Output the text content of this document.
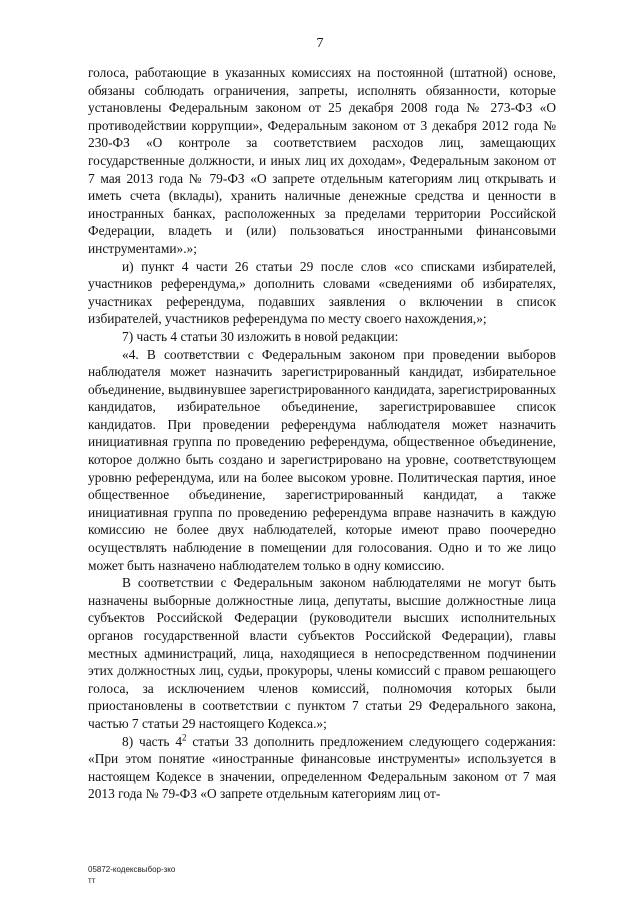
7

голоса, работающие в указанных комиссиях на постоянной (штатной) основе, обязаны соблюдать ограничения, запреты, исполнять обязанности, которые установлены Федеральным законом от 25 декабря 2008 года № 273-ФЗ «О противодействии коррупции», Федеральным законом от 3 декабря 2012 года № 230-ФЗ «О контроле за соответствием расходов лиц, замещающих государственные должности, и иных лиц их доходам», Федеральным законом от 7 мая 2013 года № 79-ФЗ «О запрете отдельным категориям лиц открывать и иметь счета (вклады), хранить наличные денежные средства и ценности в иностранных банках, расположенных за пределами территории Российской Федерации, владеть и (или) пользоваться иностранными финансовыми инструментами».»;

и) пункт 4 части 26 статьи 29 после слов «со списками избирателей, участников референдума,» дополнить словами «сведениями об избирателях, участниках референдума, подавших заявления о включении в список избирателей, участников референдума по месту своего нахождения,»;

7) часть 4 статьи 30 изложить в новой редакции:

«4. В соответствии с Федеральным законом при проведении выборов наблюдателя может назначить зарегистрированный кандидат, избирательное объединение, выдвинувшее зарегистрированного кандидата, зарегистрированных кандидатов, избирательное объединение, зарегистрировавшее список кандидатов. При проведении референдума наблюдателя может назначить инициативная группа по проведению референдума, общественное объединение, которое должно быть создано и зарегистрировано на уровне, соответствующем уровню референдума, или на более высоком уровне. Политическая партия, иное общественное объединение, зарегистрированный кандидат, а также инициативная группа по проведению референдума вправе назначить в каждую комиссию не более двух наблюдателей, которые имеют право поочередно осуществлять наблюдение в помещении для голосования. Одно и то же лицо может быть назначено наблюдателем только в одну комиссию.

В соответствии с Федеральным законом наблюдателями не могут быть назначены выборные должностные лица, депутаты, высшие должностные лица субъектов Российской Федерации (руководители высших исполнительных органов государственной власти субъектов Российской Федерации), главы местных администраций, лица, находящиеся в непосредственном подчинении этих должностных лиц, судьи, прокуроры, члены комиссий с правом решающего голоса, за исключением членов комиссий, полномочия которых были приостановлены в соответствии с пунктом 7 статьи 29 Федерального закона, частью 7 статьи 29 настоящего Кодекса.»;

8) часть $4^2$ статьи 33 дополнить предложением следующего содержания: «При этом понятие «иностранные финансовые инструменты» используется в настоящем Кодексе в значении, определенном Федеральным законом от 7 мая 2013 года № 79-ФЗ «О запрете отдельным категориям лиц от-

05872-кодексвыбор-зко
тт
